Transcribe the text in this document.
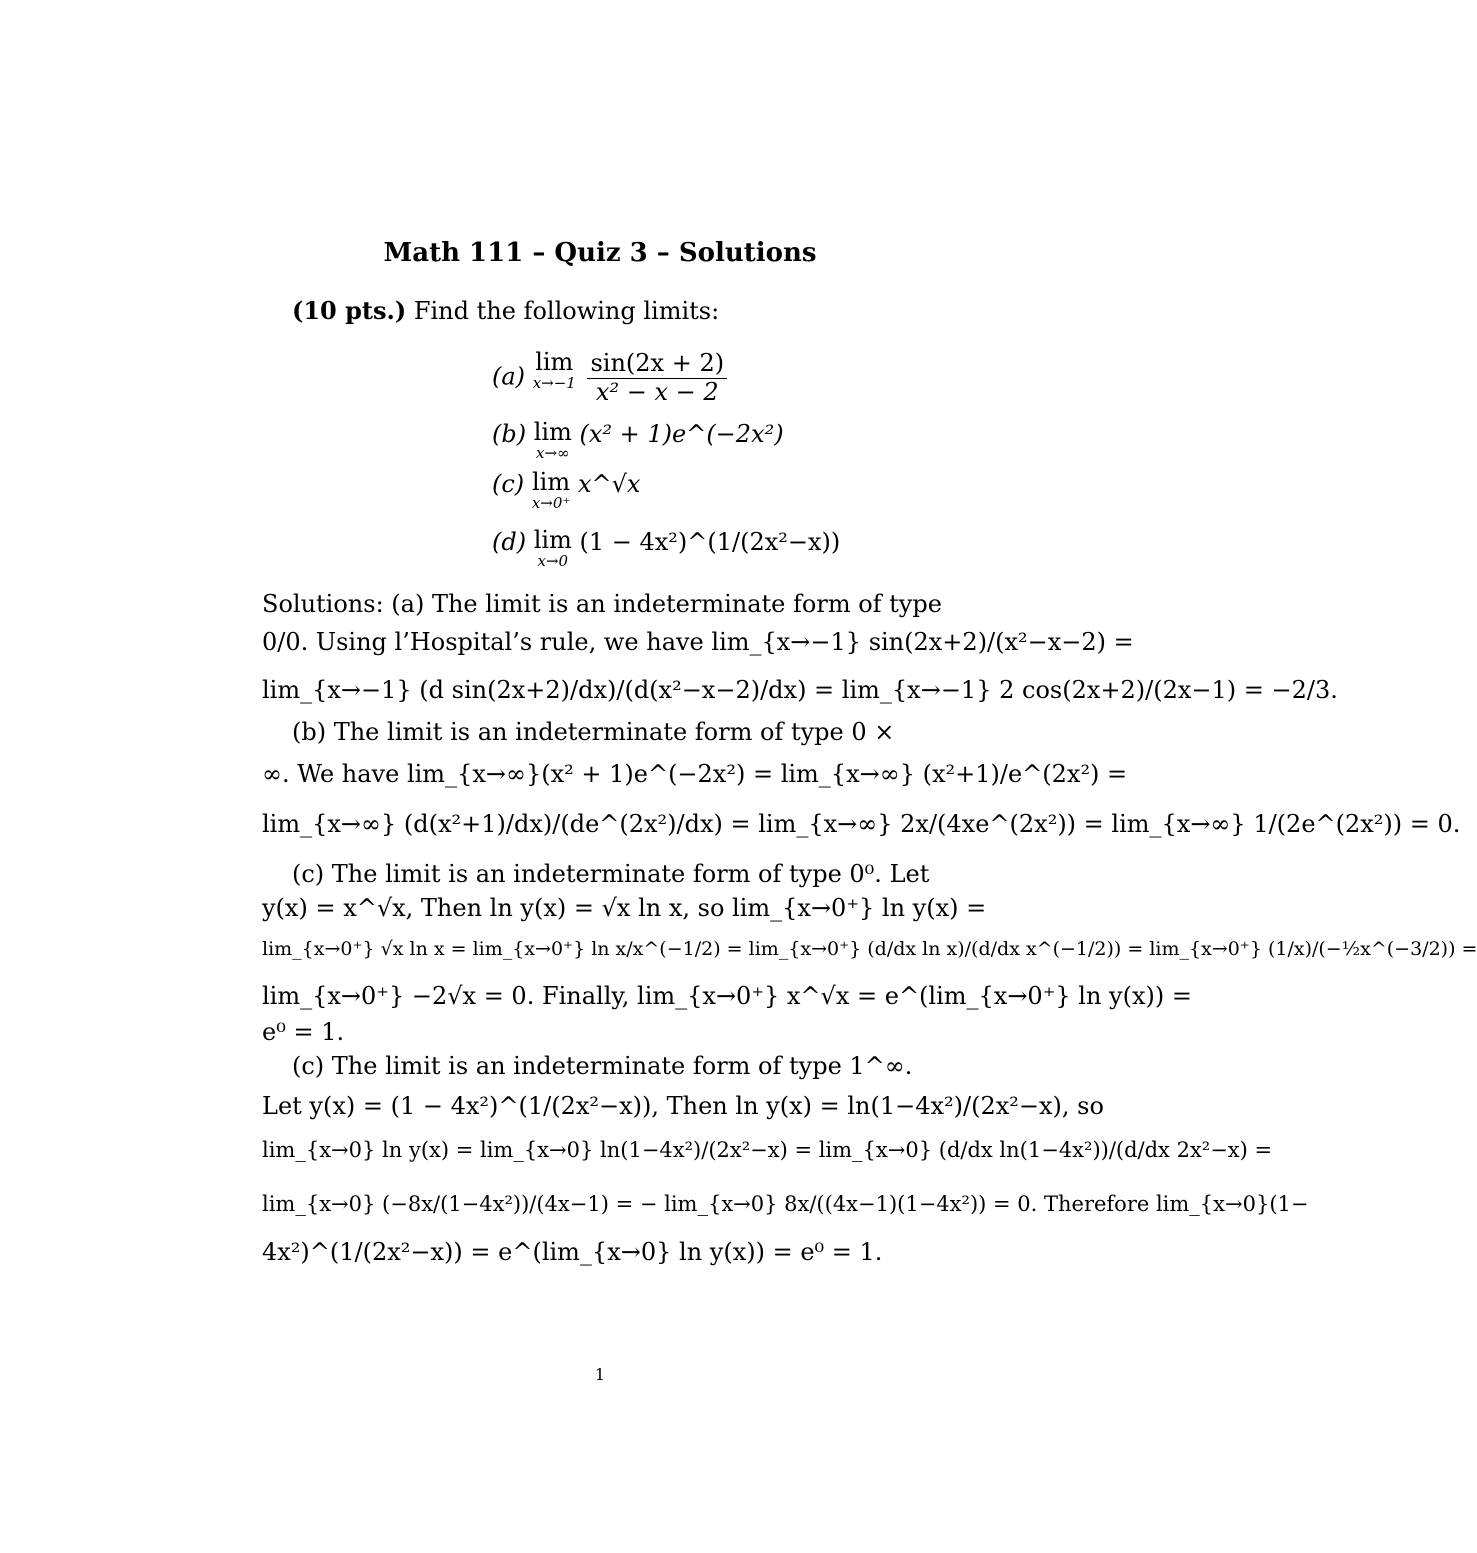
Math 111 – Quiz 3 – Solutions
(10 pts.) Find the following limits:
(a) lim
x→−1
$\frac{\sin(2x + 2)}{\text{x² − x − 2}}$
(b) lim
x→∞
(x² + 1)e^(−2x²)
(c) lim
x→0⁺
x^√x
(d) lim
x→0
(1 − 4x²)^(1/(2x²−x))
Solutions: (a) The limit is an indeterminate form of type
0/0. Using l’Hospital’s rule, we have lim_{x→−1} sin(2x+2)/(x²−x−2) =
lim_{x→−1} (d sin(2x+2)/dx)/(d(x²−x−2)/dx) = lim_{x→−1} 2 cos(2x+2)/(2x−1) = −2/3.
(b) The limit is an indeterminate form of type 0 ×
∞. We have lim_{x→∞}(x² + 1)e^(−2x²) = lim_{x→∞} (x²+1)/e^(2x²) =
lim_{x→∞} (d(x²+1)/dx)/(de^(2x²)/dx) = lim_{x→∞} 2x/(4xe^(2x²)) = lim_{x→∞} 1/(2e^(2x²)) = 0.
(c) The limit is an indeterminate form of type 0⁰. Let
y(x) = x^√x, Then ln y(x) = √x ln x, so lim_{x→0⁺} ln y(x) =
lim_{x→0⁺} √x ln x = lim_{x→0⁺} ln x/x^(−1/2) = lim_{x→0⁺} (d/dx ln x)/(d/dx x^(−1/2)) = lim_{x→0⁺} (1/x)/(−½x^(−3/2)) =
lim_{x→0⁺} −2√x = 0. Finally, lim_{x→0⁺} x^√x = e^(lim_{x→0⁺} ln y(x)) =
e⁰ = 1.
(c) The limit is an indeterminate form of type 1^∞.
Let y(x) = (1 − 4x²)^(1/(2x²−x)), Then ln y(x) = ln(1−4x²)/(2x²−x), so
lim_{x→0} ln y(x) = lim_{x→0} ln(1−4x²)/(2x²−x) = lim_{x→0} (d/dx ln(1−4x²))/(d/dx 2x²−x) =
lim_{x→0} (−8x/(1−4x²))/(4x−1) = − lim_{x→0} 8x/((4x−1)(1−4x²)) = 0. Therefore lim_{x→0}(1−
4x²)^(1/(2x²−x)) = e^(lim_{x→0} ln y(x)) = e⁰ = 1.
1
